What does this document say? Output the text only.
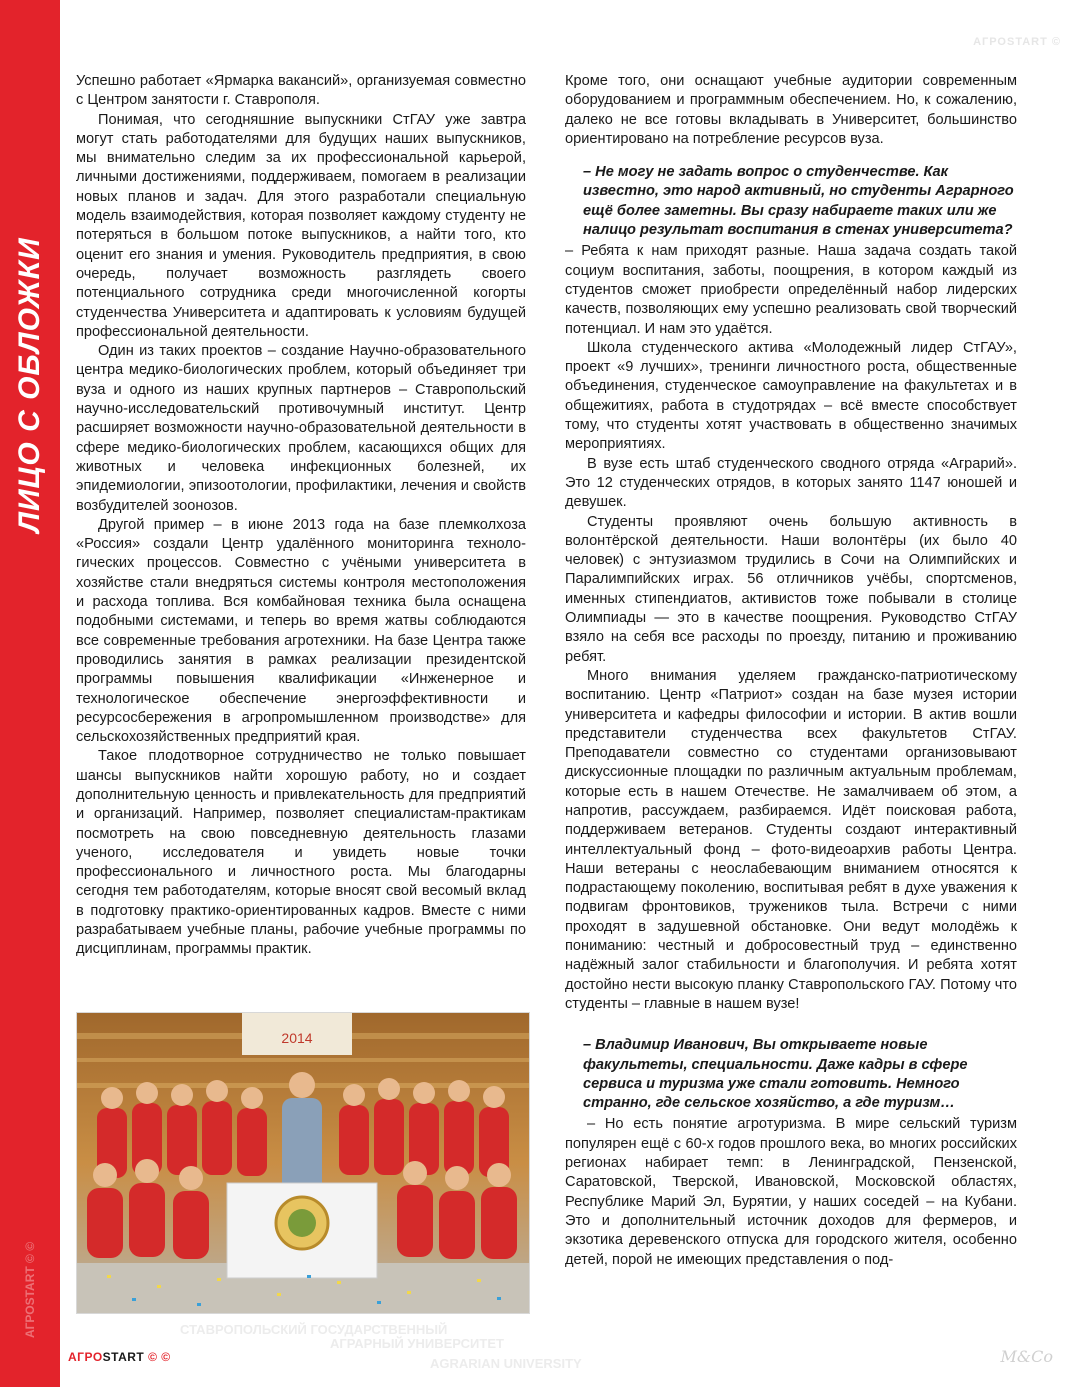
ЛИЦО С ОБЛОЖКИ
АГРОSTART © ©
АГРОSTART ©

Успешно работает «Ярмарка вакансий», организуемая совместно с Центром занятости г. Ставрополя.

Понимая, что сегодняшние выпускники СтГАУ уже завтра могут стать работодателями для будущих наших выпускников, мы внимательно следим за их профессиональной карьерой, личными достижениями, поддерживаем, помогаем в реализации новых планов и задач. Для этого разработали специальную модель взаимодействия, которая позволяет каждому студенту не потеряться в большом потоке выпускников, а найти того, кто оценит его знания и умения. Руководитель предприятия, в свою очередь, получает возможность разглядеть своего потенциального сотрудника среди многочисленной когорты студенчества Университета и адаптировать к условиям будущей профессиональной деятельности.

Один из таких проектов – создание Научно-образовательного центра медико-биологических проблем, который объединяет три вуза и одного из наших крупных партнеров – Ставропольский научно-исследовательский противочумный институт. Центр расширяет возможности научно-образовательной деятельности в сфере медико-биологических проблем, касающихся общих для животных и человека инфекционных болезней, их эпидемиологии, эпизоотологии, профилактики, лечения и свойств возбудителей зоонозов.

Другой пример – в июне 2013 года на базе племколхоза «Россия» создали Центр удалённого мониторинга технологических процессов. Совместно с учёными университета в хозяйстве стали внедряться системы контроля местоположения и расхода топлива. Вся комбайновая техника была оснащена подобными системами, и теперь во время жатвы соблюдаются все современные требования агротехники. На базе Центра также проводились занятия в рамках реализации президентской программы повышения квалификации «Инженерное и технологическое обеспечение энергоэффективности и ресурсосбережения в агропромышленном производстве» для сельскохозяйственных предприятий края.

Такое плодотворное сотрудничество не только повышает шансы выпускников найти хорошую работу, но и создает дополнительную ценность и привлекательность для предприятий и организаций. Например, позволяет специалистам-практикам посмотреть на свою повседневную деятельность глазами ученого, исследователя и увидеть новые точки профессионального и личностного роста. Мы благодарны сегодня тем работодателям, которые вносят свой весомый вклад в подготовку практико-ориентированных кадров. Вместе с ними разрабатываем учебные планы, рабочие учебные программы по дисциплинам, программы практик.

2014

Кроме того, они оснащают учебные аудитории современным оборудованием и программным обеспечением. Но, к сожалению, далеко не все готовы вкладывать в Университет, большинство ориентировано на потребление ресурсов вуза.

– Не могу не задать вопрос о студенчестве. Как известно, это народ активный, но студенты Аграрного ещё более заметны. Вы сразу набираете таких или же налицо результат воспитания в стенах университета?

– Ребята к нам приходят разные. Наша задача создать такой социум воспитания, заботы, поощрения, в котором каждый из студентов сможет приобрести определённый набор лидерских качеств, позволяющих ему успешно реализовать свой творческий потенциал. И нам это удаётся.

Школа студенческого актива «Молодежный лидер СтГАУ», проект «9 лучших», тренинги личностного роста, общественные объединения, студенческое самоуправление на факультетах и в общежитиях, работа в студотрядах – всё вместе способствует тому, что студенты хотят участвовать в общественно значимых мероприятиях.

В вузе есть штаб студенческого сводного отряда «Аграрий». Это 12 студенческих отрядов, в которых занято 1147 юношей и девушек.

Студенты проявляют очень большую активность в волонтёрской деятельности. Наши волонтёры (их было 40 человек) с энтузиазмом трудились в Сочи на Олимпийских и Паралимпийских играх. 56 отличников учёбы, спортсменов, именных стипендиатов, активистов тоже побывали в столице Олимпиады — это в качестве поощрения. Руководство СтГАУ взяло на себя все расходы по проезду, питанию и проживанию ребят.

Много внимания уделяем гражданско-патриотическому воспитанию. Центр «Патриот» создан на базе музея истории университета и кафедры философии и истории. В актив вошли представители студенчества всех факультетов СтГАУ. Преподаватели совместно со студентами организовывают дискуссионные площадки по различным актуальным проблемам, которые есть в нашем Отечестве. Не замалчиваем об этом, а напротив, рассуждаем, разбираемся. Идёт поисковая работа, поддерживаем ветеранов. Студенты создают интерактивный интеллектуальный фонд – фото-видеоархив работы Центра. Наши ветераны с неослабевающим вниманием относятся к подрастающему поколению, воспитывая ребят в духе уважения к подвигам фронтовиков, тружеников тыла. Встречи с ними проходят в задушевной обстановке. Они ведут молодёжь к пониманию: честный и добросовестный труд – единственно надёжный залог стабильности и благополучия. И ребята хотят достойно нести высокую планку Ставропольского ГАУ. Потому что студенты – главные в нашем вузе!

– Владимир Иванович, Вы открываете новые факультеты, специальности. Даже кадры в сфере сервиса и туризма уже стали готовить. Немного странно, где сельское хозяйство, а где туризм…

– Но есть понятие агротуризма. В мире сельский туризм популярен ещё с 60-х годов прошлого века, во многих российских регионах набирает темп: в Ленинградской, Пензенской, Саратовской, Тверской, Ивановской, Московской областях, Республике Марий Эл, Бурятии, у наших соседей – на Кубани. Это и дополнительный источник доходов для фермеров, и экзотика деревенского отпуска для городского жителя, особенно детей, порой не имеющих представления о под-

АГРОSTART © ©
СТАВРОПОЛЬСКИЙ ГОСУДАРСТВЕННЫЙ
АГРАРНЫЙ УНИВЕРСИТЕТ
AGRARIAN UNIVERSITY	M&Co
